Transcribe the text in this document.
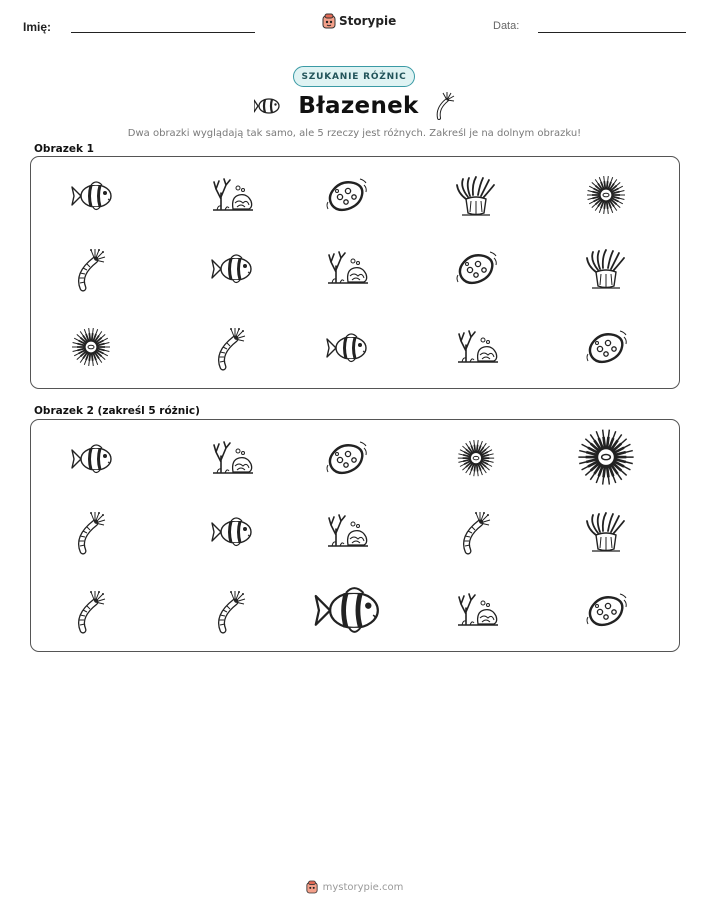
Imię:	Storypie	Data:
SZUKANIE RÓŻNIC
Błazenek
Dwa obrazki wyglądają tak samo, ale 5 rzeczy jest różnych. Zakreśl je na dolnym obrazku!
Obrazek 1
Obrazek 2 (zakreśl 5 różnic)
mystorypie.com
